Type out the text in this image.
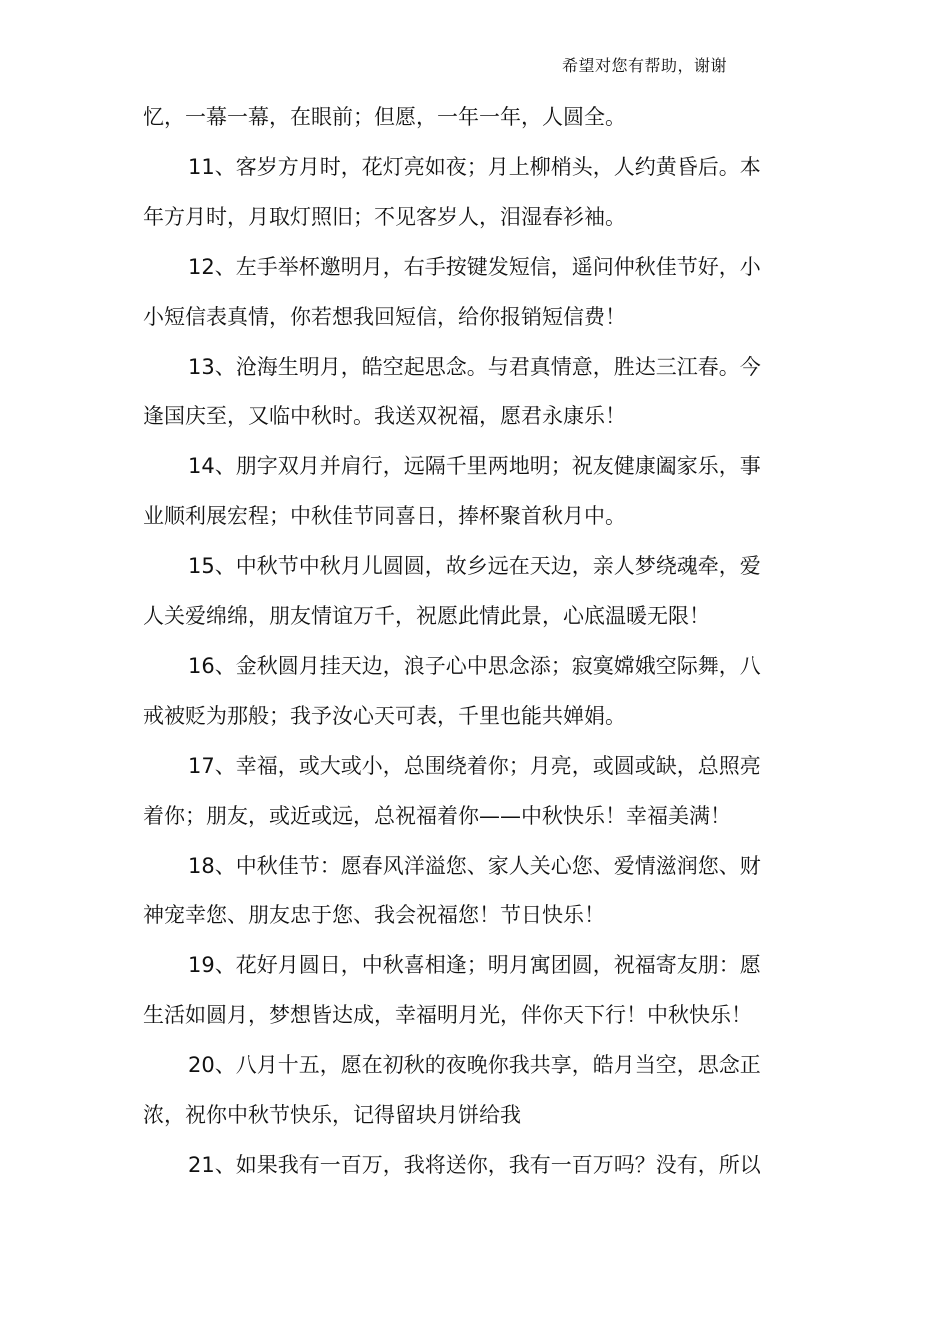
希望对您有帮助，谢谢
忆，一幕一幕，在眼前；但愿，一年一年，人圆全。
11、客岁方月时，花灯亮如夜；月上柳梢头，人约黄昏后。本
年方月时，月取灯照旧；不见客岁人，泪湿春衫袖。
12、左手举杯邀明月，右手按键发短信，遥问仲秋佳节好，小
小短信表真情，你若想我回短信，给你报销短信费！
13、沧海生明月，皓空起思念。与君真情意，胜达三江春。今
逢国庆至，又临中秋时。我送双祝福，愿君永康乐！
14、朋字双月并肩行，远隔千里两地明；祝友健康阖家乐，事
业顺利展宏程；中秋佳节同喜日，捧杯聚首秋月中。
15、中秋节中秋月儿圆圆，故乡远在天边，亲人梦绕魂牵，爱
人关爱绵绵，朋友情谊万千，祝愿此情此景，心底温暖无限！
16、金秋圆月挂天边，浪子心中思念添；寂寞嫦娥空际舞，八
戒被贬为那般；我予汝心天可表，千里也能共婵娟。
17、幸福，或大或小，总围绕着你；月亮，或圆或缺，总照亮
着你；朋友，或近或远，总祝福着你——中秋快乐！幸福美满！
18、中秋佳节：愿春风洋溢您、家人关心您、爱情滋润您、财
神宠幸您、朋友忠于您、我会祝福您！节日快乐！
19、花好月圆日，中秋喜相逢；明月寓团圆，祝福寄友朋：愿
生活如圆月，梦想皆达成，幸福明月光，伴你天下行！中秋快乐！
20、八月十五，愿在初秋的夜晚你我共享，皓月当空，思念正
浓，祝你中秋节快乐，记得留块月饼给我
21、如果我有一百万，我将送你，我有一百万吗？没有，所以
